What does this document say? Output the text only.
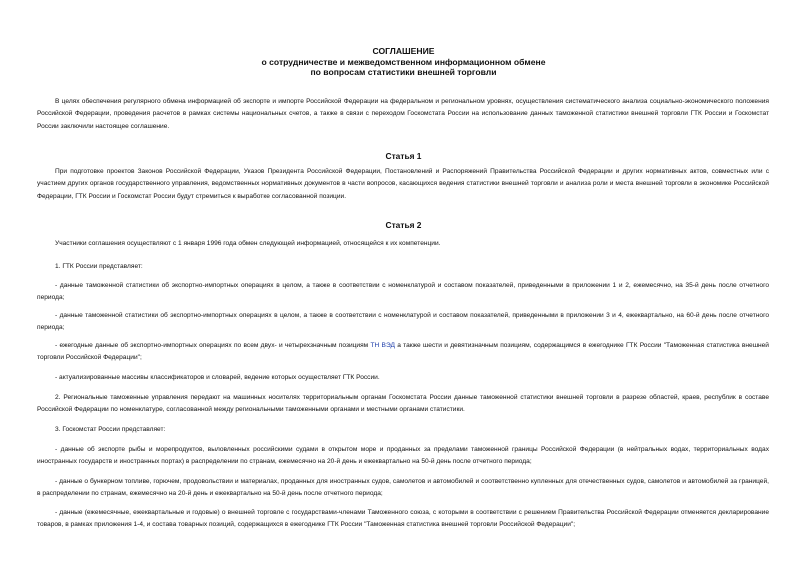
СОГЛАШЕНИЕ
о сотрудничестве и межведомственном информационном обмене
по вопросам статистики внешней торговли
В целях обеспечения регулярного обмена информацией об экспорте и импорте Российской Федерации на федеральном и региональном уровнях, осуществления систематического анализа социально-экономического положения Российской Федерации, проведения расчетов в рамках системы национальных счетов, а также в связи с переходом Госкомстата России на использование данных таможенной статистики внешней торговли ГТК России и Госкомстат России заключили настоящее соглашение.
Статья 1
При подготовке проектов Законов Российской Федерации, Указов Президента Российской Федерации, Постановлений и Распоряжений Правительства Российской Федерации и других нормативных актов, совместных или с участием других органов государственного управления, ведомственных нормативных документов в части вопросов, касающихся ведения статистики внешней торговли и анализа роли и места внешней торговли в экономике Российской Федерации, ГТК России и Госкомстат России будут стремиться к выработке согласованной позиции.
Статья 2
Участники соглашения осуществляют с 1 января 1996 года обмен следующей информацией, относящейся к их компетенции.
1. ГТК России представляет:
- данные таможенной статистики об экспортно-импортных операциях в целом, а также в соответствии с номенклатурой и составом показателей, приведенными в приложении 1 и 2, ежемесячно, на 35-й день после отчетного периода;
- данные таможенной статистики об экспортно-импортных операциях в целом, а также в соответствии с номенклатурой и составом показателей, приведенными в приложении 3 и 4, ежеквартально, на 60-й день после отчетного периода;
- ежегодные данные об экспортно-импортных операциях по всем двух- и четырехзначным позициям ТН ВЭД а также шести и девятизначным позициям, содержащимся в ежегоднике ГТК России "Таможенная статистика внешней торговли Российской Федерации";
- актуализированные массивы классификаторов и словарей, ведение которых осуществляет ГТК России.
2. Региональные таможенные управления передают на машинных носителях территориальным органам Госкомстата России данные таможенной статистики внешней торговли в разрезе областей, краев, республик в составе Российской Федерации по номенклатуре, согласованной между региональными таможенными органами и местными органами статистики.
3. Госкомстат России представляет:
- данные об экспорте рыбы и морепродуктов, выловленных российскими судами в открытом море и проданных за пределами таможенной границы Российской Федерации (в нейтральных водах, территориальных водах иностранных государств и иностранных портах) в распределении по странам, ежемесячно на 20-й день и ежеквартально на 50-й день после отчетного периода;
- данные о бункерном топливе, горючем, продовольствии и материалах, проданных для иностранных судов, самолетов и автомобилей и соответственно купленных для отечественных судов, самолетов и автомобилей за границей, в распределении по странам, ежемесячно на 20-й день и ежеквартально на 50-й день после отчетного периода;
- данные (ежемесячные, ежеквартальные и годовые) о внешней торговле с государствами-членами Таможенного союза, с которыми в соответствии с решением Правительства Российской Федерации отменяется декларирование товаров, в рамках приложения 1-4, и состава товарных позиций, содержащихся в ежегоднике ГТК России "Таможенная статистика внешней торговли Российской Федерации";
